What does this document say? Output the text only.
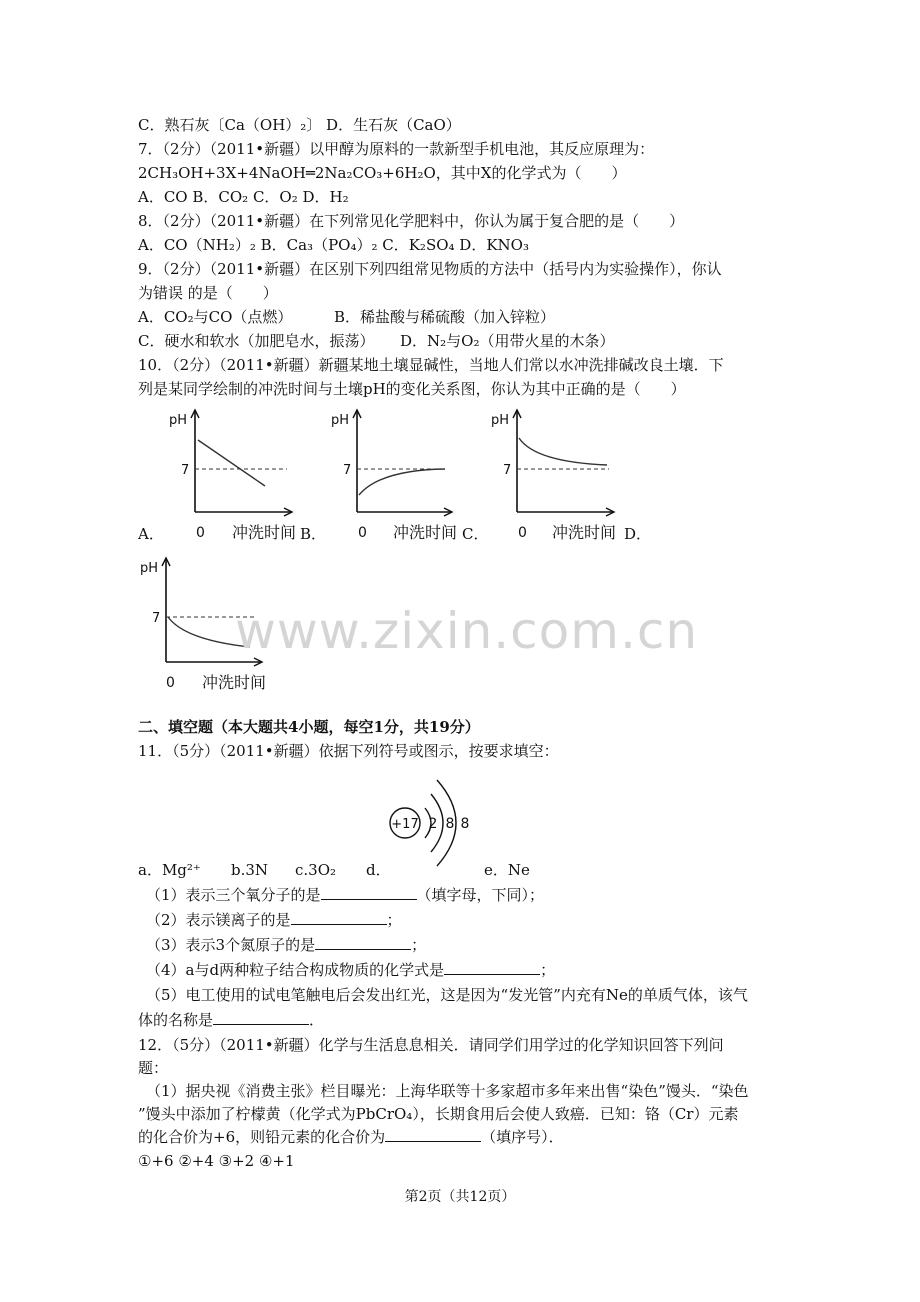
C．熟石灰〔Ca（OH）₂〕 D．生石灰（CaO）
7．（2分）（2011•新疆）以甲醇为原料的一款新型手机电池，其反应原理为：
2CH₃OH+3X+4NaOH═2Na₂CO₃+6H₂O，其中X的化学式为（　　）
A．CO B．CO₂ C．O₂ D．H₂
8．（2分）（2011•新疆）在下列常见化学肥料中，你认为属于复合肥的是（　　）
A．CO（NH₂）₂ B．Ca₃（PO₄）₂ C．K₂SO₄ D．KNO₃
9．（2分）（2011•新疆）在区别下列四组常见物质的方法中（括号内为实验操作），你认
为错误 的是（　　）
A．CO₂与CO（点燃）	B．稀盐酸与稀硫酸（加入锌粒）
C．硬水和软水（加肥皂水，振荡） D．N₂与O₂（用带火星的木条）
10．（2分）（2011•新疆）新疆某地土壤显碱性，当地人们常以水冲洗排碱改良土壤．下
列是某同学绘制的冲洗时间与土壤pH的变化关系图，你认为其中正确的是（　　）
pH
7
0 冲洗时间
pH
7
0 冲洗时间
pH
7
0 冲洗时间
pH
7
0 冲洗时间
A．	B．	C．	D．
www.zixin.com.cn
二、填空题（本大题共4小题，每空1分，共19分）
11．（5分）（2011•新疆）依据下列符号或图示，按要求填空：
+17 2 8 8
a．Mg²⁺ b.3N c.3O₂ d．	e．Ne
（1）表示三个氧分子的是	（填字母，下同）；
（2）表示镁离子的是	；
（3）表示3个氮原子的是	；
（4）a与d两种粒子结合构成物质的化学式是	；
（5）电工使用的试电笔触电后会发出红光，这是因为“发光管”内充有Ne的单质气体，该气
体的名称是	．
12．（5分）（2011•新疆）化学与生活息息相关．请同学们用学过的化学知识回答下列问
题：
（1）据央视《消费主张》栏目曝光：上海华联等十多家超市多年来出售“染色”馒头．“染色
”馒头中添加了柠檬黄（化学式为PbCrO₄），长期食用后会使人致癌．已知：铬（Cr）元素
的化合价为+6，则铅元素的化合价为	（填序号）．
①+6 ②+4 ③+2 ④+1
第2页（共12页）
